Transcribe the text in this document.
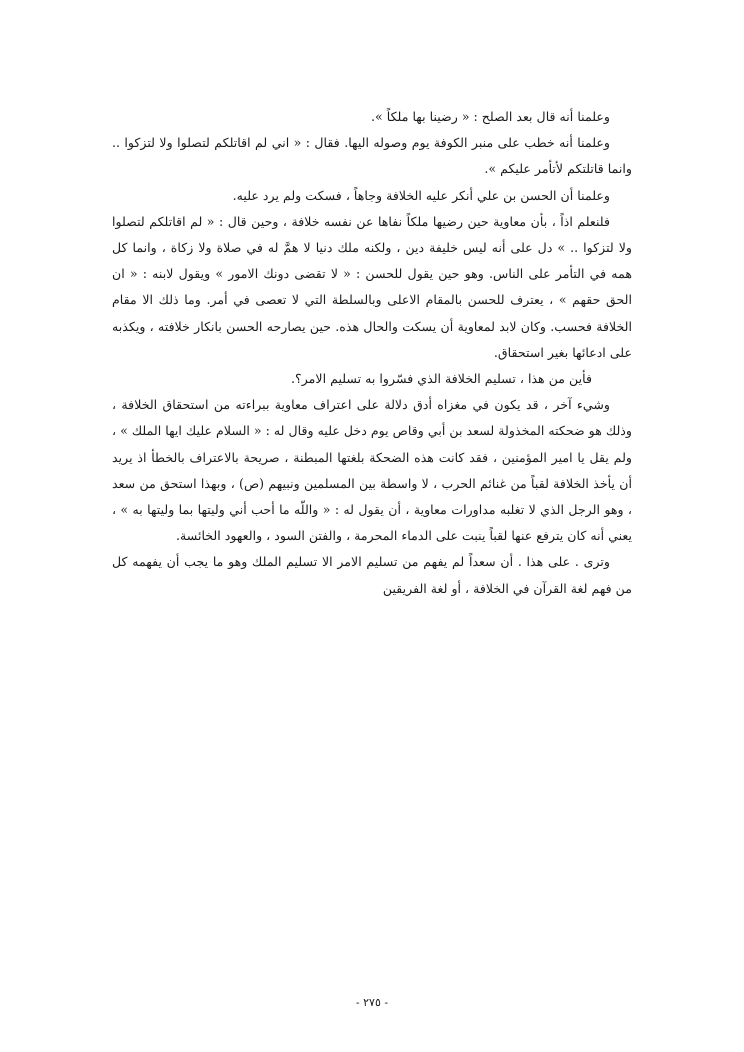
وعلمنا أنه قال بعد الصلح : « رضينا بها ملكاً ».

وعلمنا أنه خطب على منبر الكوفة يوم وصوله اليها. فقال : « اني لم اقاتلكم لتصلوا ولا لتزكوا .. وانما قاتلتكم لأتأمر عليكم ».

وعلمنا أن الحسن بن علي أنكر عليه الخلافة وجاهاً ، فسكت ولم يرد عليه.

فلنعلم اذاً ، بأن معاوية حين رضيها ملكاً نفاها عن نفسه خلافة ، وحين قال : « لم اقاتلكم لتصلوا ولا لتزكوا .. » دل على أنه ليس خليفة دين ، ولكنه ملك دنيا لا همَّ له في صلاة ولا زكاة ، وانما كل همه في التأمر على الناس. وهو حين يقول للحسن : « لا تقضى دونك الامور » ويقول لابنه : « ان الحق حقهم » ، يعترف للحسن بالمقام الاعلى وبالسلطة التي لا تعصى في أمر. وما ذلك الا مقام الخلافة فحسب. وكان لابد لمعاوية أن يسكت والحال هذه. حين يصارحه الحسن بانكار خلافته ، ويكذبه على ادعائها بغير استحقاق.

فأين من هذا ، تسليم الخلافة الذي فسّروا به تسليم الامر؟.

وشيء آخر ، قد يكون في مغزاه أدق دلالة على اعتراف معاوية ببراءته من استحقاق الخلافة ، وذلك هو ضحكته المخذولة لسعد بن أبي وقاص يوم دخل عليه وقال له : « السلام عليك ايها الملك » ، ولم يقل يا امير المؤمنين ، فقد كانت هذه الضحكة بلغتها المبطنة ، صريحة بالاعتراف بالخطأ اذ يريد أن يأخذ الخلافة لقباً من غنائم الحرب ، لا واسطة بين المسلمين ونبيهم (ص) ، وبهذا استحق من سعد ، وهو الرجل الذي لا تغلبه مداورات معاوية ، أن يقول له : « واللّه ما أحب أني وليتها بما وليتها به » ، يعني أنه كان يترفع عنها لقباً ينبت على الدماء المحرمة ، والفتن السود ، والعهود الخائسة.

وترى . على هذا . أن سعداً لم يفهم من تسليم الامر الا تسليم الملك وهو ما يجب أن يفهمه كل من فهم لغة القرآن في الخلافة ، أو لغة الفريقين

- ٢٧٥ -
